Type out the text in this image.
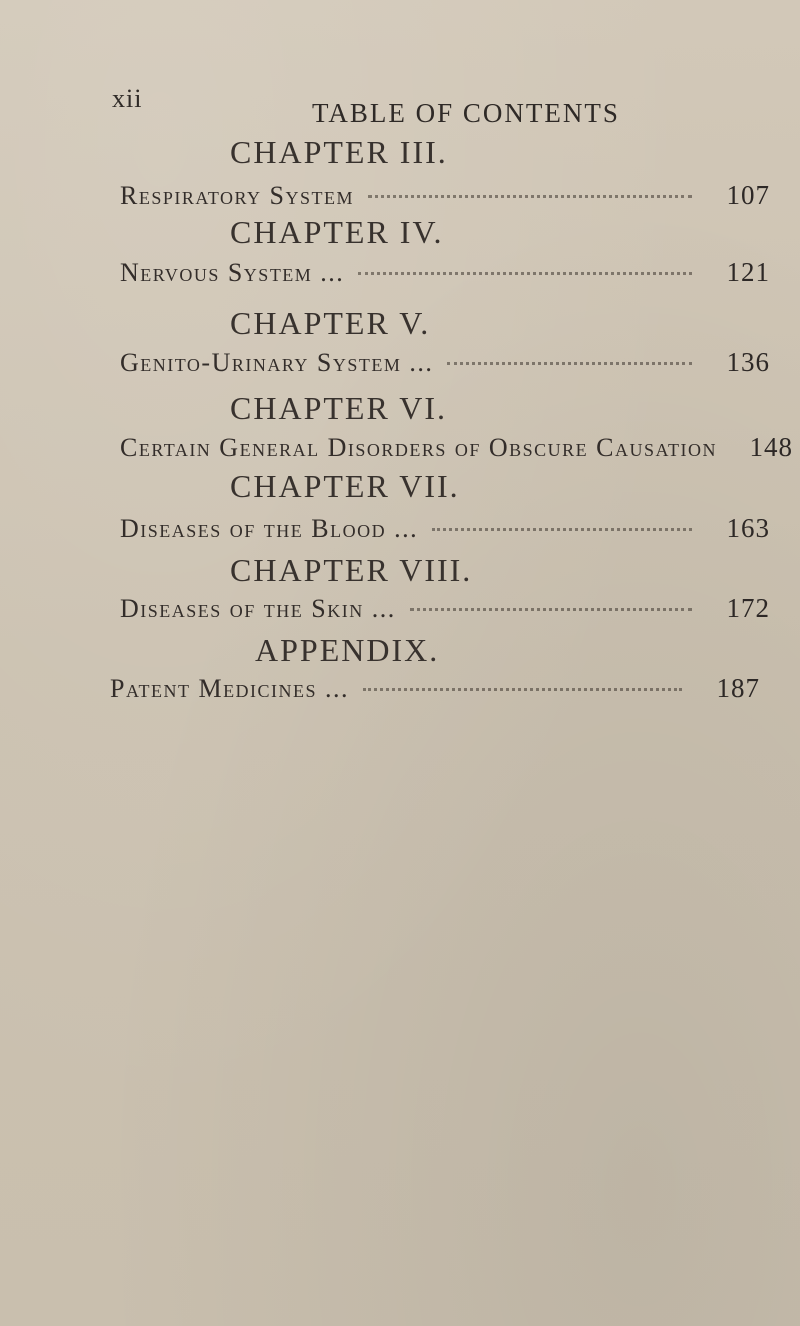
xii	TABLE OF CONTENTS
CHAPTER III.
Respiratory System	107
CHAPTER IV.
Nervous System ...	121
CHAPTER V.
Genito-Urinary System ...	136
CHAPTER VI.
Certain General Disorders of Obscure Causation	148
CHAPTER VII.
Diseases of the Blood ...	163
CHAPTER VIII.
Diseases of the Skin ...	172
APPENDIX.
Patent Medicines ...	187
